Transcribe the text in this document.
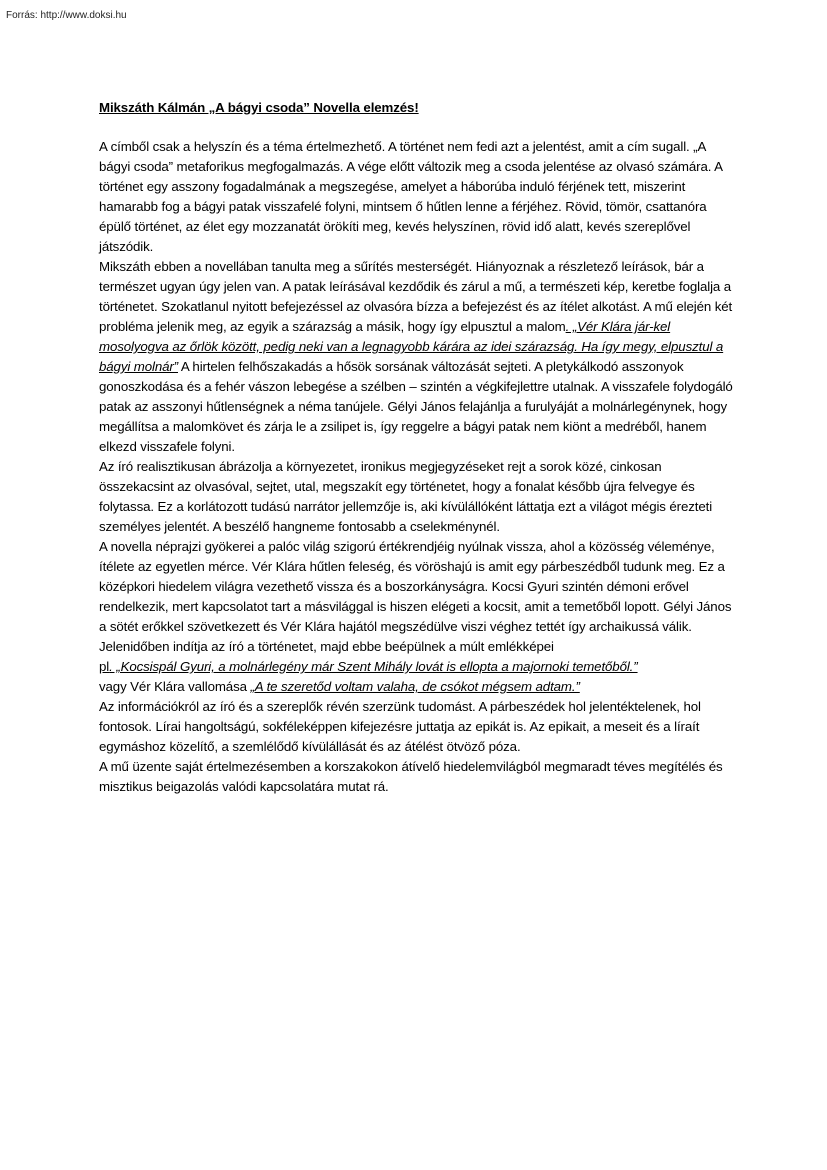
Forrás: http://www.doksi.hu
Mikszáth Kálmán „A bágyi csoda” Novella elemzés!

A címből csak a helyszín és a téma értelmezhető. A történet nem fedi azt a jelentést, amit a cím sugall. „A bágyi csoda” metaforikus megfogalmazás. A vége előtt változik meg a csoda jelentése az olvasó számára. A történet egy asszony fogadalmának a megszegése, amelyet a háborúba induló férjének tett, miszerint hamarabb fog a bágyi patak visszafelé folyni, mintsem ő hűtlen lenne a férjéhez. Rövid, tömör, csattanóra épülő történet, az élet egy mozzanatát örökíti meg, kevés helyszínen, rövid idő alatt, kevés szereplővel játszódik.

Mikszáth ebben a novellában tanulta meg a sűrítés mesterségét. Hiányoznak a részletező leírások, bár a természet ugyan úgy jelen van. A patak leírásával kezdődik és zárul a mű, a természeti kép, keretbe foglalja a történetet. Szokatlanul nyitott befejezéssel az olvasóra bízza a befejezést és az ítélet alkotást. A mű elején két probléma jelenik meg, az egyik a szárazság a másik, hogy így elpusztul a malom. „Vér Klára jár-kel mosolyogva az őrlök között, pedig neki van a legnagyobb kárára az idei szárazság. Ha így megy, elpusztul a bágyi molnár” A hirtelen felhőszakadás a hősök sorsának változását sejteti. A pletykálkodó asszonyok gonoszkodása és a fehér vászon lebegése a szélben – szintén a végkifejlettre utalnak. A visszafele folydogáló patak az asszonyi hűtlenségnek a néma tanújele. Gélyi János felajánlja a furulyáját a molnárlegénynek, hogy megállítsa a malomkövet és zárja le a zsilipet is, így reggelre a bágyi patak nem kiönt a medréből, hanem elkezd visszafele folyni.

Az író realisztikusan ábrázolja a környezetet, ironikus megjegyzéseket rejt a sorok közé, cinkosan összekacsint az olvasóval, sejtet, utal, megszakít egy történetet, hogy a fonalat később újra felvegye és folytassa. Ez a korlátozott tudású narrátor jellemzője is, aki kívülállóként láttatja ezt a világot mégis érezteti személyes jelentét. A beszélő hangneme fontosabb a cselekménynél.

A novella néprajzi gyökerei a palóc világ szigorú értékrendjéig nyúlnak vissza, ahol a közösség véleménye, ítélete az egyetlen mérce. Vér Klára hűtlen feleség, és vöröshajú is amit egy párbeszédből tudunk meg. Ez a középkori hiedelem világra vezethető vissza és a boszorkányságra. Kocsi Gyuri szintén démoni erővel rendelkezik, mert kapcsolatot tart a másvilággal is hiszen elégeti a kocsit, amit a temetőből lopott. Gélyi János a sötét erőkkel szövetkezett és Vér Klára hajától megszédülve viszi véghez tettét így archaikussá válik.

Jelenidőben indítja az író a történetet, majd ebbe beépülnek a múlt emlékképei
pl. „Kocsispál Gyuri, a molnárlegény már Szent Mihály lovát is ellopta a majornoki temetőből.”
vagy Vér Klára vallomása „A te szeretőd voltam valaha, de csókot mégsem adtam.”

Az információkról az író és a szereplők révén szerzünk tudomást. A párbeszédek hol jelentéktelenek, hol fontosok. Lírai hangoltságú, sokféleképpen kifejezésre juttatja az epikát is. Az epikait, a meseit és a líraít egymáshoz közelítő, a szemlélődő kívülállását és az átélést ötvöző póza.

A mű üzente saját értelmezésemben a korszakokon átívelő hiedelemvilágból megmaradt téves megítélés és misztikus beigazolás valódi kapcsolatára mutat rá.
